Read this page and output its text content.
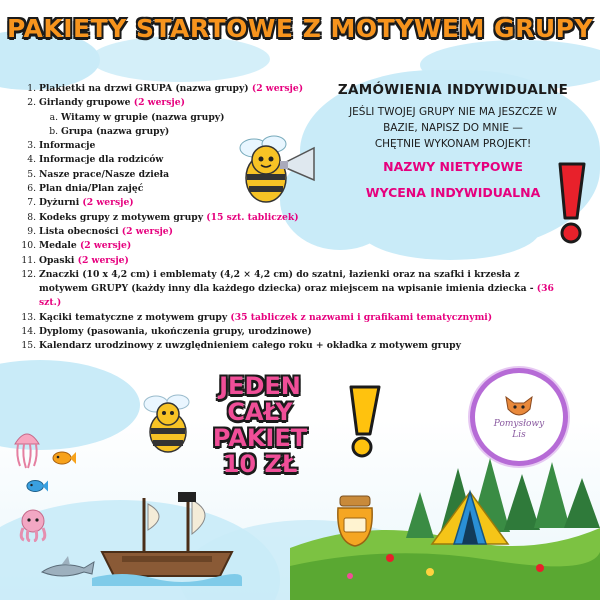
PAKIETY STARTOWE Z MOTYWEM GRUPY
1. Plakietki na drzwi GRUPA (nazwa grupy) (2 wersje)
2. Girlandy grupowe (2 wersje)
a. Witamy w grupie (nazwa grupy)
b. Grupa (nazwa grupy)
3. Informacje
4. Informacje dla rodziców
5. Nasze prace/Nasze dzieła
6. Plan dnia/Plan zajęć
7. Dyżurni (2 wersje)
8. Kodeks grupy z motywem grupy (15 szt. tabliczek)
9. Lista obecności (2 wersje)
10. Medale (2 wersje)
11. Opaski (2 wersje)
12. Znaczki (10 x 4,2 cm) i emblematy (4,2 × 4,2 cm) do szatni, łazienki oraz na szafki i krzesła z motywem GRUPY (każdy inny dla każdego dziecka) oraz miejscem na wpisanie imienia dziecka - (36 szt.)
13. Kąciki tematyczne z motywem grupy (35 tabliczek z nazwami i grafikami tematycznymi)
14. Dyplomy (pasowania, ukończenia grupy, urodzinowe)
15. Kalendarz urodzinowy z uwzględnieniem całego roku + okładka z motywem grupy
ZAMÓWIENIA INDYWIDUALNE
JEŚLI TWOJEJ GRUPY NIE MA JESZCZE W
BAZIE, NAPISZ DO MNIE —
CHĘTNIE WYKONAM PROJEKT!
NAZWY NIETYPOWE
WYCENA INDYWIDUALNA
JEDEN
CAŁY
PAKIET
10 ZŁ
Pomysłowy
Lis
